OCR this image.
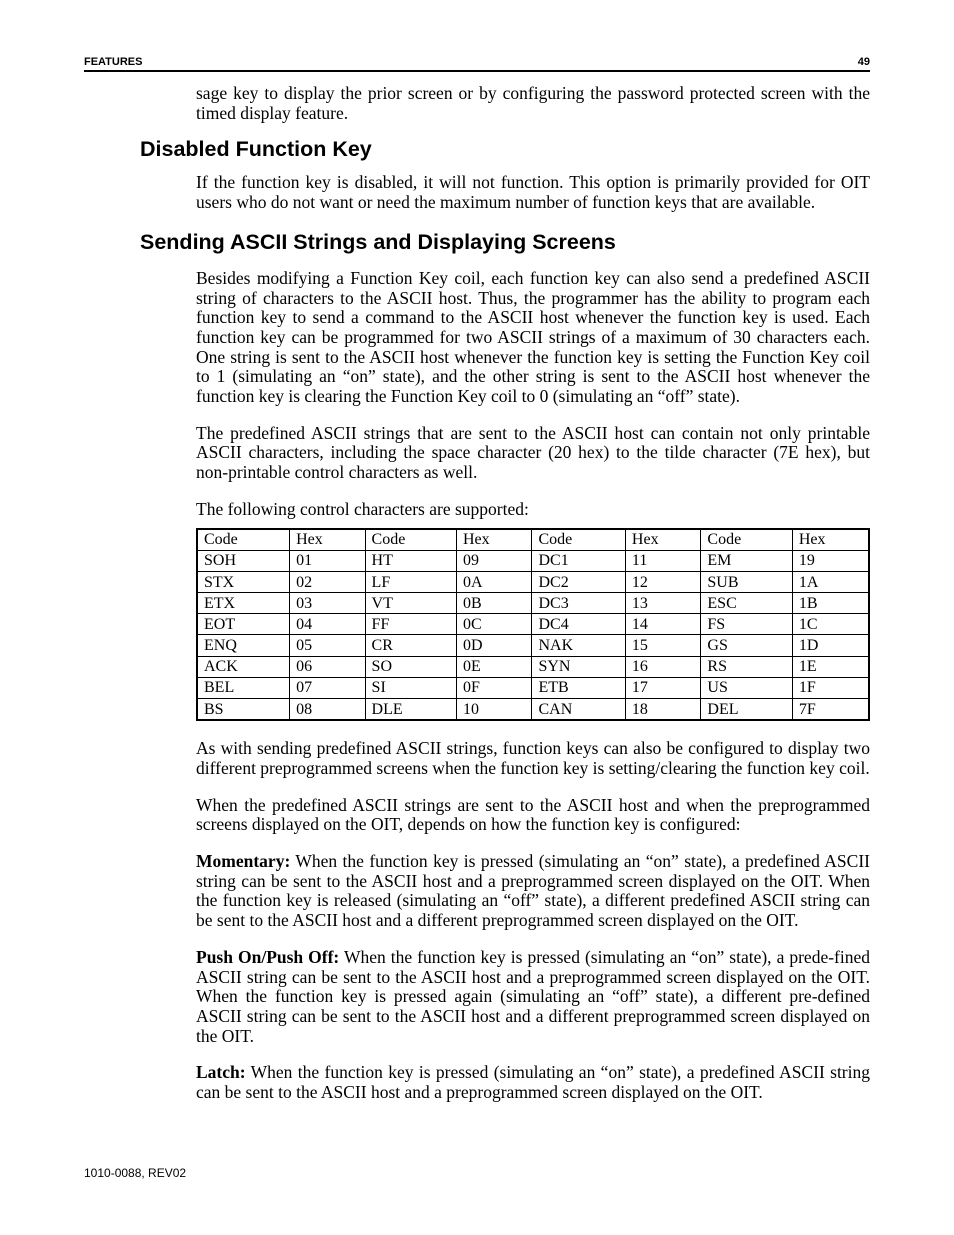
FEATURES	49

sage key to display the prior screen or by configuring the password protected screen with the timed display feature.

Disabled Function Key

If the function key is disabled, it will not function. This option is primarily provided for OIT users who do not want or need the maximum number of function keys that are available.

Sending ASCII Strings and Displaying Screens

Besides modifying a Function Key coil, each function key can also send a predefined ASCII string of characters to the ASCII host. Thus, the programmer has the ability to program each function key to send a command to the ASCII host whenever the function key is used. Each function key can be programmed for two ASCII strings of a maximum of 30 characters each. One string is sent to the ASCII host whenever the function key is setting the Function Key coil to 1 (simulating an “on” state), and the other string is sent to the ASCII host whenever the function key is clearing the Function Key coil to 0 (simulating an “off” state).

The predefined ASCII strings that are sent to the ASCII host can contain not only printable ASCII characters, including the space character (20 hex) to the tilde character (7E hex), but non-printable control characters as well.

The following control characters are supported:

Code	Hex	Code	Hex	Code	Hex	Code	Hex
SOH	01	HT	09	DC1	11	EM	19
STX	02	LF	0A	DC2	12	SUB	1A
ETX	03	VT	0B	DC3	13	ESC	1B
EOT	04	FF	0C	DC4	14	FS	1C
ENQ	05	CR	0D	NAK	15	GS	1D
ACK	06	SO	0E	SYN	16	RS	1E
BEL	07	SI	0F	ETB	17	US	1F
BS	08	DLE	10	CAN	18	DEL	7F

As with sending predefined ASCII strings, function keys can also be configured to display two different preprogrammed screens when the function key is setting/clearing the function key coil.

When the predefined ASCII strings are sent to the ASCII host and when the preprogrammed screens displayed on the OIT, depends on how the function key is configured:

Momentary: When the function key is pressed (simulating an “on” state), a predefined ASCII string can be sent to the ASCII host and a preprogrammed screen displayed on the OIT. When the function key is released (simulating an “off” state), a different predefined ASCII string can be sent to the ASCII host and a different preprogrammed screen displayed on the OIT.

Push On/Push Off: When the function key is pressed (simulating an “on” state), a prede-fined ASCII string can be sent to the ASCII host and a preprogrammed screen displayed on the OIT. When the function key is pressed again (simulating an “off” state), a different pre-defined ASCII string can be sent to the ASCII host and a different preprogrammed screen displayed on the OIT.

Latch: When the function key is pressed (simulating an “on” state), a predefined ASCII string can be sent to the ASCII host and a preprogrammed screen displayed on the OIT.

1010-0088, REV02
